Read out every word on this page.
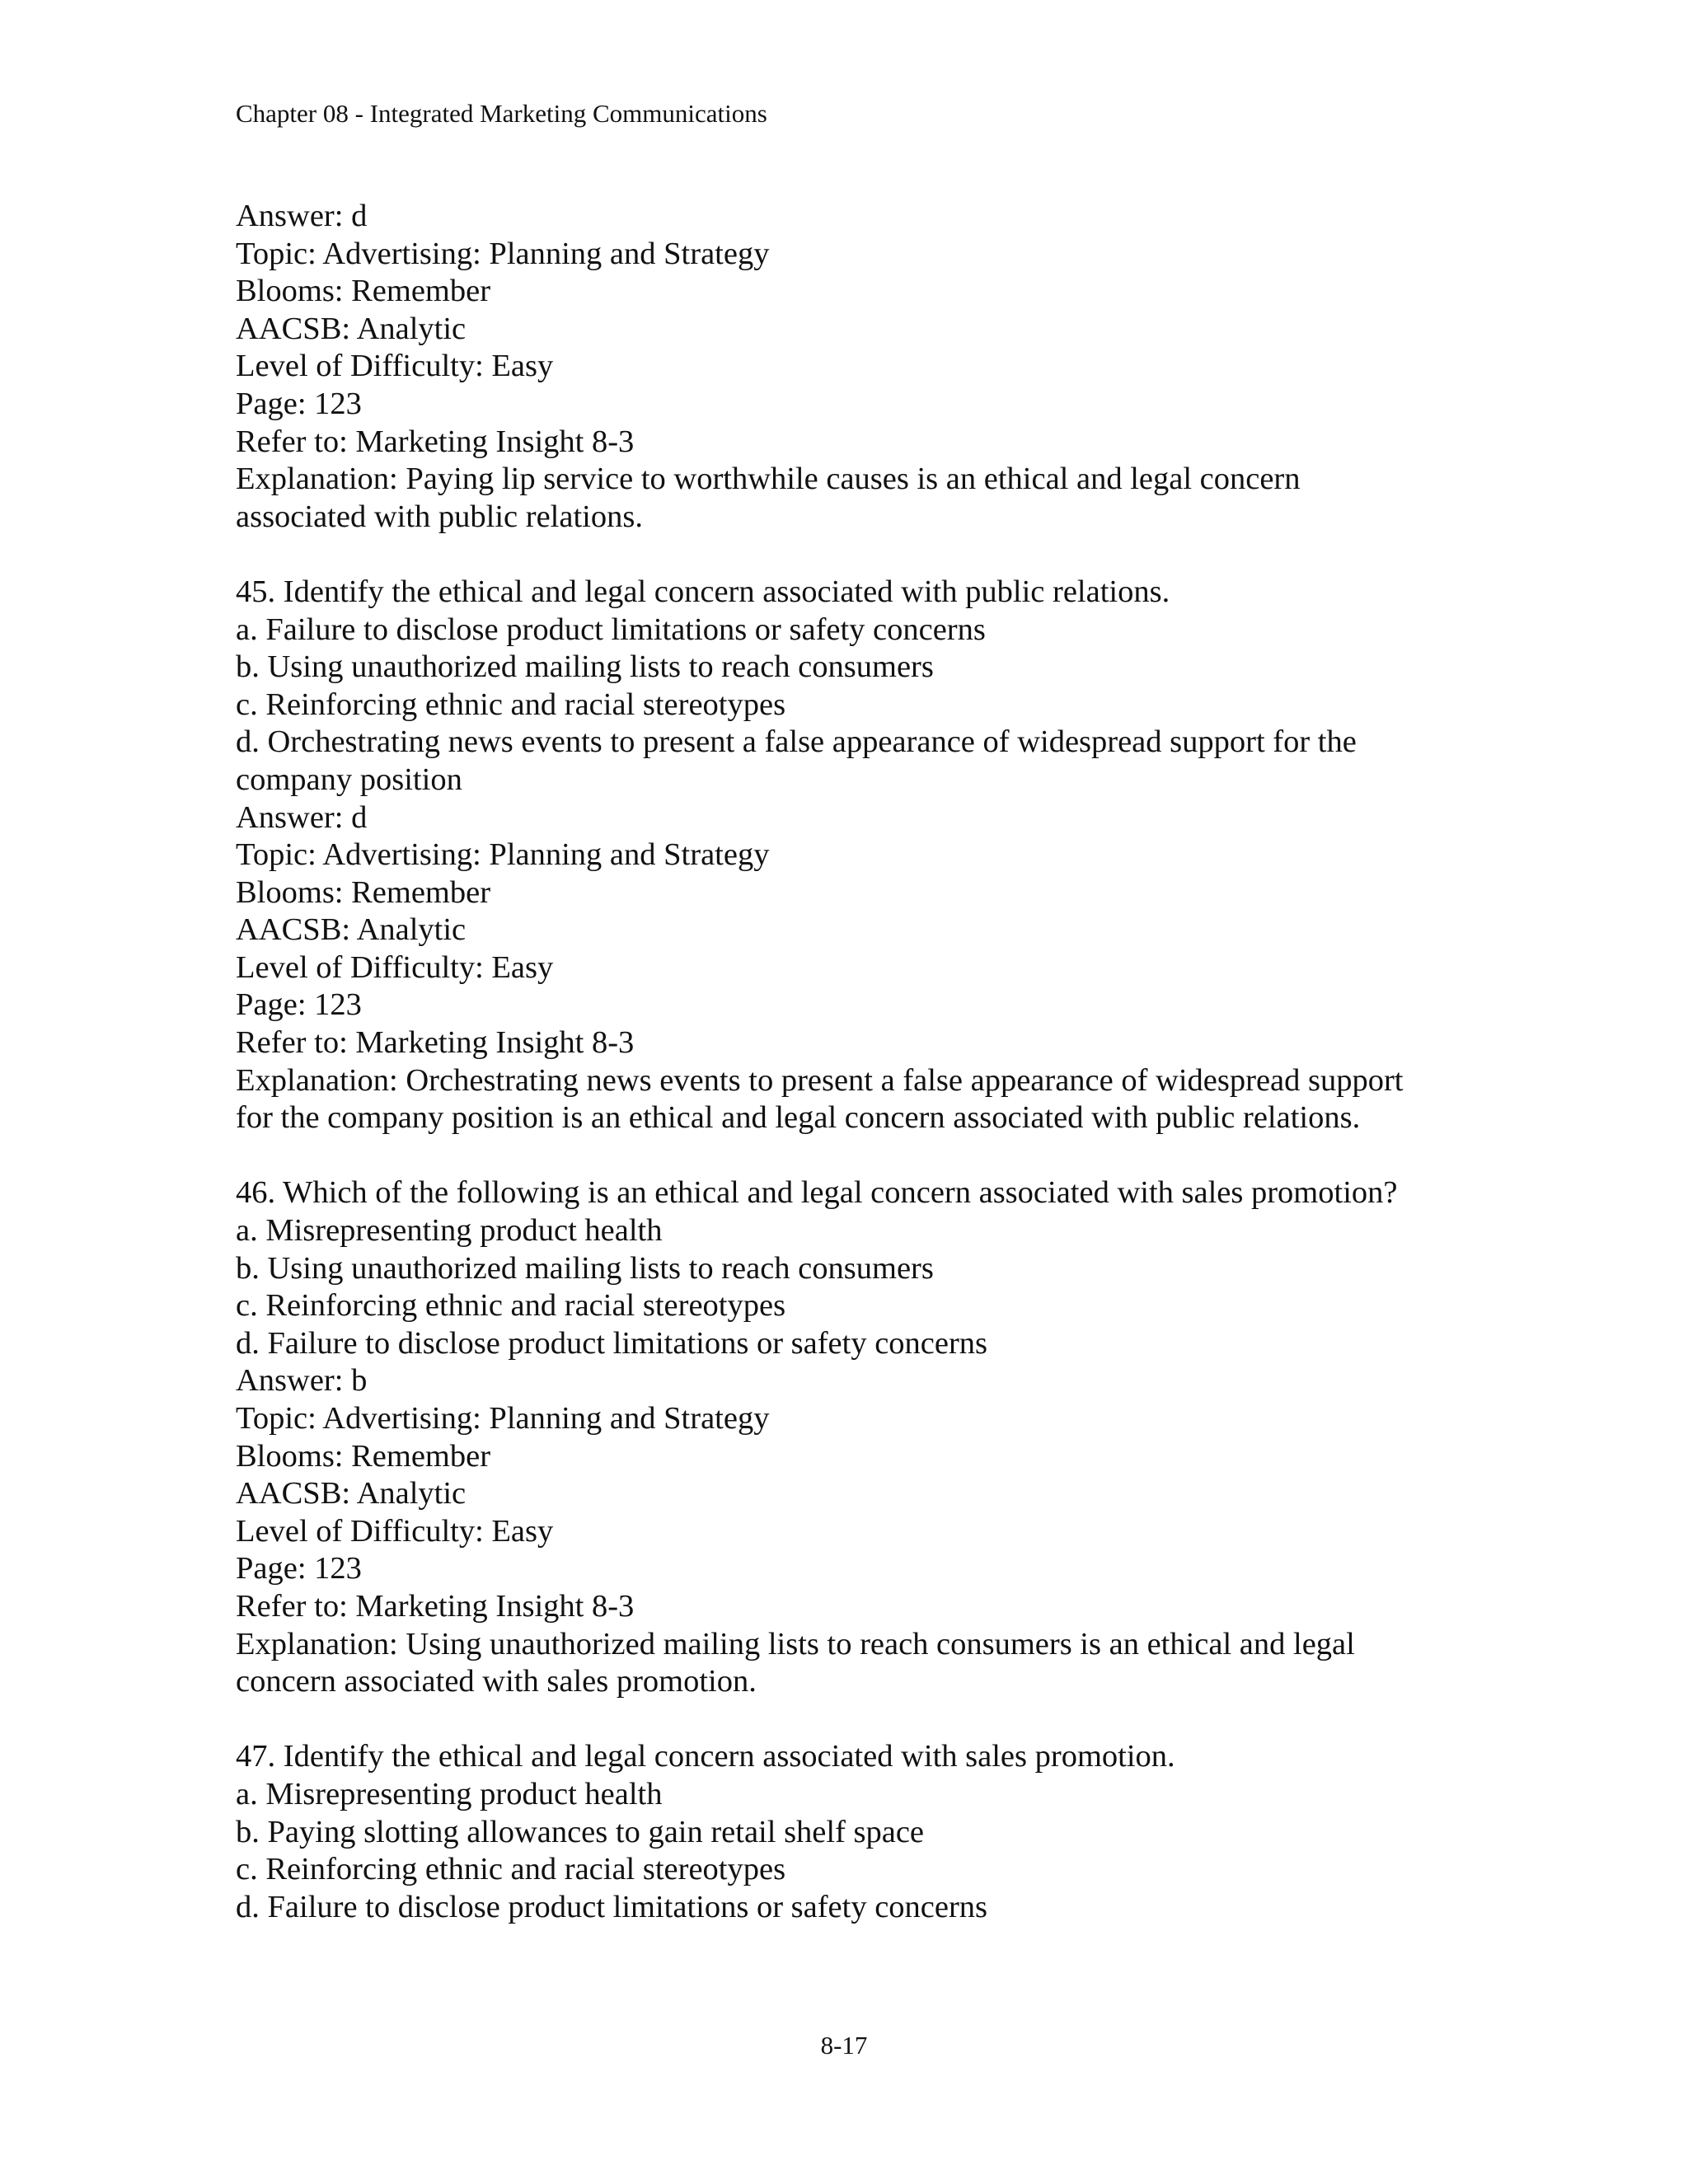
Chapter 08 - Integrated Marketing Communications
Answer: d
Topic: Advertising: Planning and Strategy
Blooms: Remember
AACSB: Analytic
Level of Difficulty: Easy
Page: 123
Refer to: Marketing Insight 8-3
Explanation: Paying lip service to worthwhile causes is an ethical and legal concern
associated with public relations.
45. Identify the ethical and legal concern associated with public relations.
a. Failure to disclose product limitations or safety concerns
b. Using unauthorized mailing lists to reach consumers
c. Reinforcing ethnic and racial stereotypes
d. Orchestrating news events to present a false appearance of widespread support for the
company position
Answer: d
Topic: Advertising: Planning and Strategy
Blooms: Remember
AACSB: Analytic
Level of Difficulty: Easy
Page: 123
Refer to: Marketing Insight 8-3
Explanation: Orchestrating news events to present a false appearance of widespread support
for the company position is an ethical and legal concern associated with public relations.
46. Which of the following is an ethical and legal concern associated with sales promotion?
a. Misrepresenting product health
b. Using unauthorized mailing lists to reach consumers
c. Reinforcing ethnic and racial stereotypes
d. Failure to disclose product limitations or safety concerns
Answer: b
Topic: Advertising: Planning and Strategy
Blooms: Remember
AACSB: Analytic
Level of Difficulty: Easy
Page: 123
Refer to: Marketing Insight 8-3
Explanation: Using unauthorized mailing lists to reach consumers is an ethical and legal
concern associated with sales promotion.
47. Identify the ethical and legal concern associated with sales promotion.
a. Misrepresenting product health
b. Paying slotting allowances to gain retail shelf space
c. Reinforcing ethnic and racial stereotypes
d. Failure to disclose product limitations or safety concerns
8-17
